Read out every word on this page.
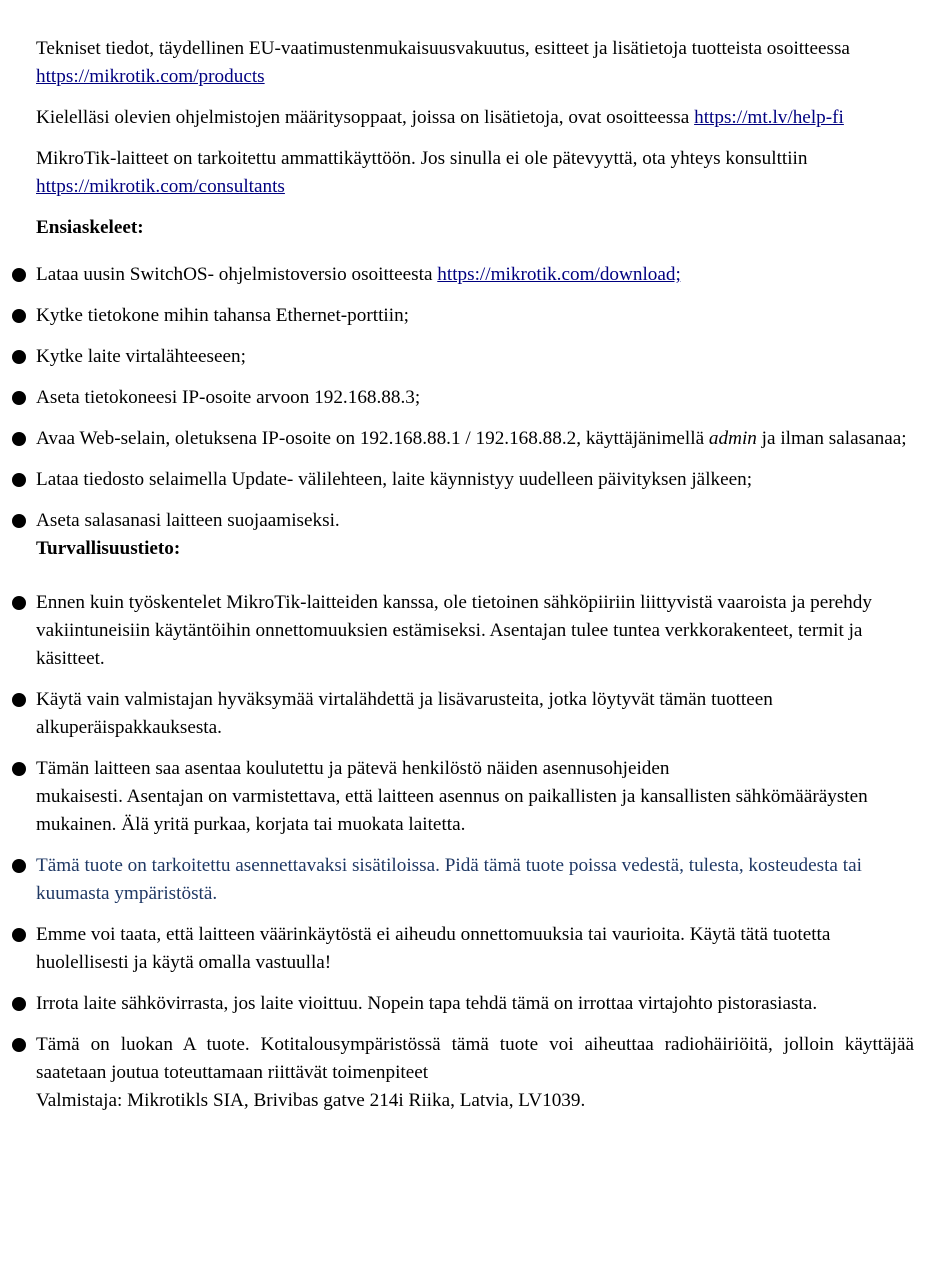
Tekniset tiedot, täydellinen EU-vaatimustenmukaisuusvakuutus, esitteet ja lisätietoja tuotteista osoitteessa https://mikrotik.com/products

Kielelläsi olevien ohjelmistojen määritysoppaat, joissa on lisätietoja, ovat osoitteessa https://mt.lv/help-fi

MikroTik-laitteet on tarkoitettu ammattikäyttöön. Jos sinulla ei ole pätevyyttä, ota yhteys konsulttiin https://mikrotik.com/consultants

Ensiaskeleet:

Lataa uusin SwitchOS- ohjelmistoversio osoitteesta https://mikrotik.com/download;
Kytke tietokone mihin tahansa Ethernet-porttiin;
Kytke laite virtalähteeseen;
Aseta tietokoneesi IP-osoite arvoon 192.168.88.3;
Avaa Web-selain, oletuksena IP-osoite on 192.168.88.1 / 192.168.88.2, käyttäjänimellä admin ja ilman salasanaa;
Lataa tiedosto selaimella Update- välilehteen, laite käynnistyy uudelleen päivityksen jälkeen;
Aseta salasanasi laitteen suojaamiseksi.

Turvallisuustieto:

Ennen kuin työskentelet MikroTik-laitteiden kanssa, ole tietoinen sähköpiiriin liittyvistä vaaroista ja perehdy vakiintuneisiin käytäntöihin onnettomuuksien estämiseksi. Asentajan tulee tuntea verkkorakenteet, termit ja käsitteet.
Käytä vain valmistajan hyväksymää virtalähdettä ja lisävarusteita, jotka löytyvät tämän tuotteen alkuperäispakkauksesta.
Tämän laitteen saa asentaa koulutettu ja pätevä henkilöstö näiden asennusohjeiden
mukaisesti. Asentajan on varmistettava, että laitteen asennus on paikallisten ja kansallisten sähkömääräysten mukainen. Älä yritä purkaa, korjata tai muokata laitetta.
Tämä tuote on tarkoitettu asennettavaksi sisätiloissa. Pidä tämä tuote poissa vedestä, tulesta, kosteudesta tai kuumasta ympäristöstä.
Emme voi taata, että laitteen väärinkäytöstä ei aiheudu onnettomuuksia tai vaurioita. Käytä tätä tuotetta huolellisesti ja käytä omalla vastuulla!
Irrota laite sähkövirrasta, jos laite vioittuu. Nopein tapa tehdä tämä on irrottaa virtajohto pistorasiasta.
Tämä on luokan A tuote. Kotitalousympäristössä tämä tuote voi aiheuttaa radiohäiriöitä, jolloin käyttäjää saatetaan joutua toteuttamaan riittävät toimenpiteet
Valmistaja: Mikrotikls SIA, Brivibas gatve 214i Riika, Latvia, LV1039.
